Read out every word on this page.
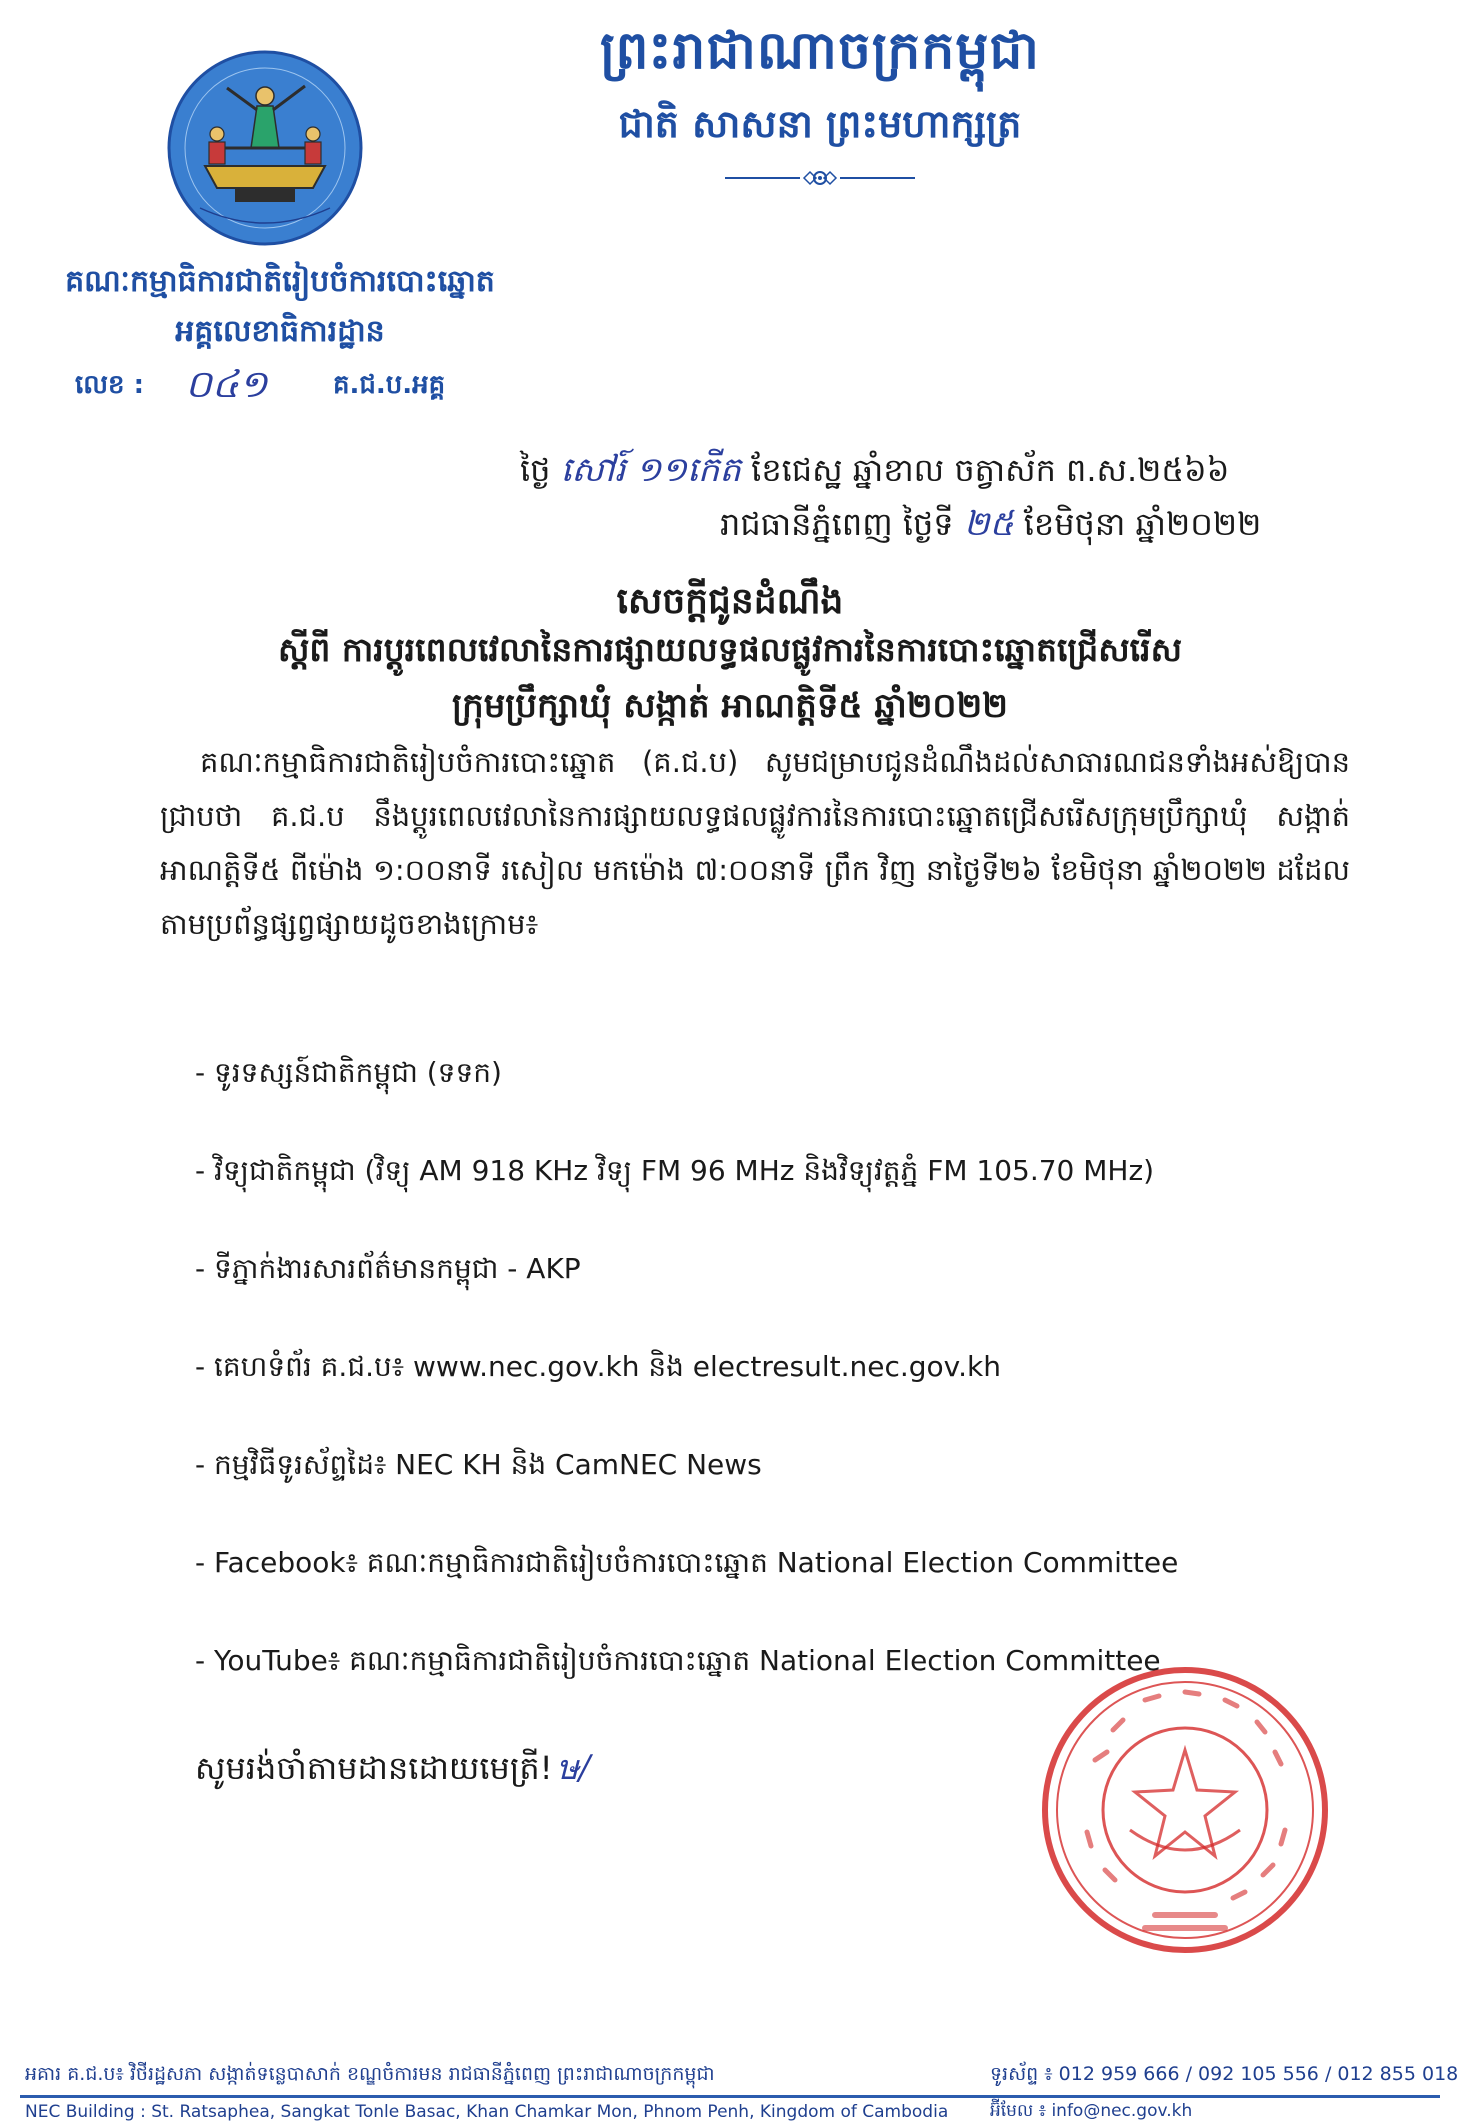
ព្រះរាជាណាចក្រកម្ពុជា
ជាតិ សាសនា ព្រះមហាក្សត្រ
គណៈកម្មាធិការជាតិរៀបចំការបោះឆ្នោត
អគ្គលេខាធិការដ្ឋាន
លេខ : ០៤១	គ.ជ.ប.អគ្គ
ថ្ងៃ សៅរ៍ ១១កើត ខែជេស្ឋ ឆ្នាំខាល ចត្វាស័ក ព.ស.២៥៦៦
រាជធានីភ្នំពេញ ថ្ងៃទី ២៥ ខែមិថុនា ឆ្នាំ២០២២
សេចក្តីជូនដំណឹង
ស្តីពី ការប្តូរពេលវេលានៃការផ្សាយលទ្ធផលផ្លូវការនៃការបោះឆ្នោតជ្រើសរើស
ក្រុមប្រឹក្សាឃុំ សង្កាត់ អាណត្តិទី៥ ឆ្នាំ២០២២

គណៈកម្មាធិការជាតិរៀបចំការបោះឆ្នោត (គ.ជ.ប) សូមជម្រាបជូនដំណឹងដល់សាធារណជនទាំងអស់ឱ្យបានជ្រាបថា គ.ជ.ប នឹងប្តូរពេលវេលានៃការផ្សាយលទ្ធផលផ្លូវការនៃការបោះឆ្នោតជ្រើសរើសក្រុមប្រឹក្សាឃុំ សង្កាត់ អាណត្តិទី៥ ពីម៉ោង ១:០០នាទី រសៀល មកម៉ោង ៧:០០នាទី ព្រឹក វិញ នាថ្ងៃទី២៦ ខែមិថុនា ឆ្នាំ២០២២ ដដែល តាមប្រព័ន្ធផ្សព្វផ្សាយដូចខាងក្រោម៖

- ទូរទស្សន៍ជាតិកម្ពុជា (ទទក)
- វិទ្យុជាតិកម្ពុជា (វិទ្យុ AM 918 KHz វិទ្យុ FM 96 MHz និងវិទ្យុវត្តភ្នំ FM 105.70 MHz)
- ទីភ្នាក់ងារសារព័ត៌មានកម្ពុជា - AKP
- គេហទំព័រ គ.ជ.ប៖ www.nec.gov.kh និង electresult.nec.gov.kh
- កម្មវិធីទូរស័ព្ទដៃ៖ NEC KH និង CamNEC News
- Facebook៖ គណៈកម្មាធិការជាតិរៀបចំការបោះឆ្នោត National Election Committee
- YouTube៖ គណៈកម្មាធិការជាតិរៀបចំការបោះឆ្នោត National Election Committee
សូមរង់ចាំតាមដានដោយមេត្រី! ษ/
អគារ គ.ជ.ប៖ វិថីរដ្ឋសភា សង្កាត់ទន្លេបាសាក់ ខណ្ឌចំការមន រាជធានីភ្នំពេញ ព្រះរាជាណាចក្រកម្ពុជា	ទូរស័ព្ទ ៖ 012 959 666 / 092 105 556 / 012 855 018
NEC Building : St. Ratsaphea, Sangkat Tonle Basac, Khan Chamkar Mon, Phnom Penh, Kingdom of Cambodia អ៊ីមែល ៖ info@nec.gov.kh
